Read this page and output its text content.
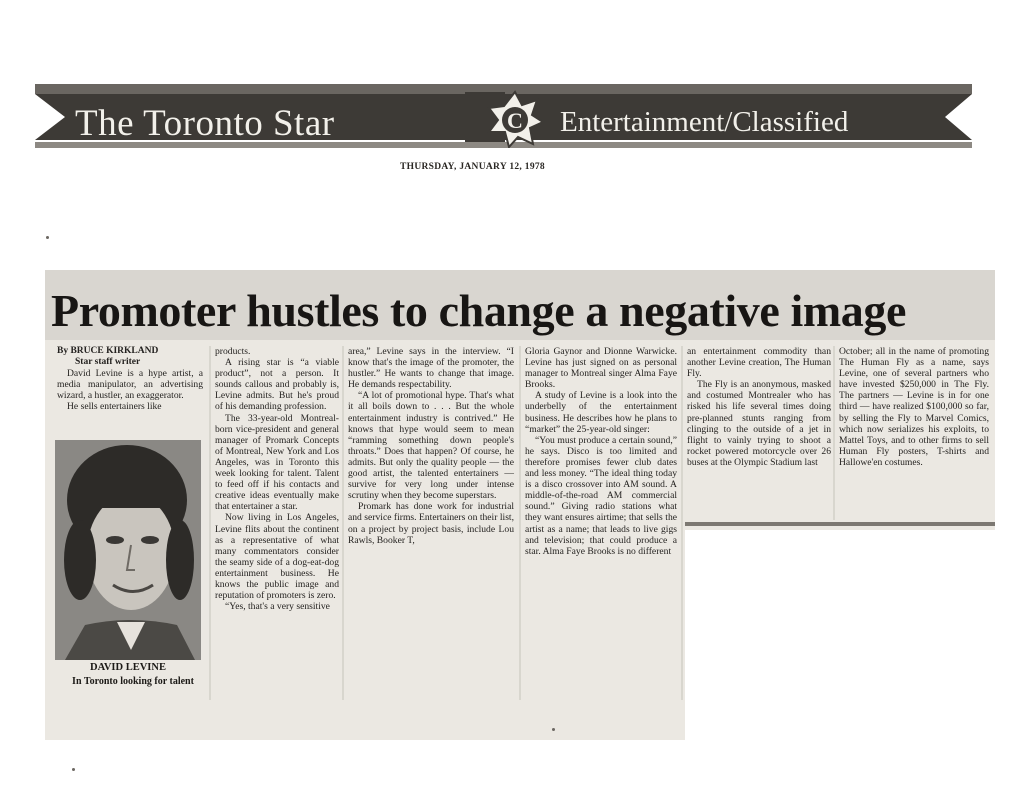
The Toronto Star	C Entertainment/Classified
THURSDAY, JANUARY 12, 1978
Promoter hustles to change a negative image

By BRUCE KIRKLAND

Star staff writer

David Levine is a hype artist, a media manipulator, an advertising wizard, a hustler, an exaggerator.

He sells entertainers like

DAVID LEVINE
In Toronto looking for talent

products.

A rising star is “a viable product”, not a person. It sounds callous and probably is, Levine admits. But he's proud of his demanding profession.

The 33-year-old Montreal-born vice-president and general manager of Promark Concepts of Montreal, New York and Los Angeles, was in Toronto this week looking for talent. Talent to feed off if his contacts and creative ideas eventually make that entertainer a star.

Now living in Los Angeles, Levine flits about the continent as a representative of what many commentators consider the seamy side of a dog-eat-dog entertainment business. He knows the public image and reputation of promoters is zero.

“Yes, that's a very sensitive

area,” Levine says in the interview. “I know that's the image of the promoter, the hustler.” He wants to change that image. He demands respectability.

“A lot of promotional hype. That's what it all boils down to . . . But the whole entertainment industry is contrived.” He knows that hype would seem to mean “ramming something down people's throats.” Does that happen? Of course, he admits. But only the quality people — the good artist, the talented entertainers — survive for very long under intense scrutiny when they become superstars.

Promark has done work for industrial and service firms. Entertainers on their list, on a project by project basis, include Lou Rawls, Booker T,

Gloria Gaynor and Dionne Warwicke. Levine has just signed on as personal manager to Montreal singer Alma Faye Brooks.

A study of Levine is a look into the underbelly of the entertainment business. He describes how he plans to “market” the 25-year-old singer:

“You must produce a certain sound,” he says. Disco is too limited and therefore promises fewer club dates and less money. “The ideal thing today is a disco crossover into AM sound. A middle-of-the-road AM commercial sound.” Giving radio stations what they want ensures airtime; that sells the artist as a name; that leads to live gigs and television; that could produce a star. Alma Faye Brooks is no different

an entertainment commodity than another Levine creation, The Human Fly.

The Fly is an anonymous, masked and costumed Montrealer who has risked his life several times doing pre-planned stunts ranging from clinging to the outside of a jet in flight to vainly trying to shoot a rocket powered motorcycle over 26 buses at the Olympic Stadium last

October; all in the name of promoting The Human Fly as a name, says Levine, one of several partners who have invested $250,000 in The Fly. The partners — Levine is in for one third — have realized $100,000 so far, by selling the Fly to Marvel Comics, which now serializes his exploits, to Mattel Toys, and to other firms to sell Human Fly posters, T-shirts and Hallowe'en costumes.
